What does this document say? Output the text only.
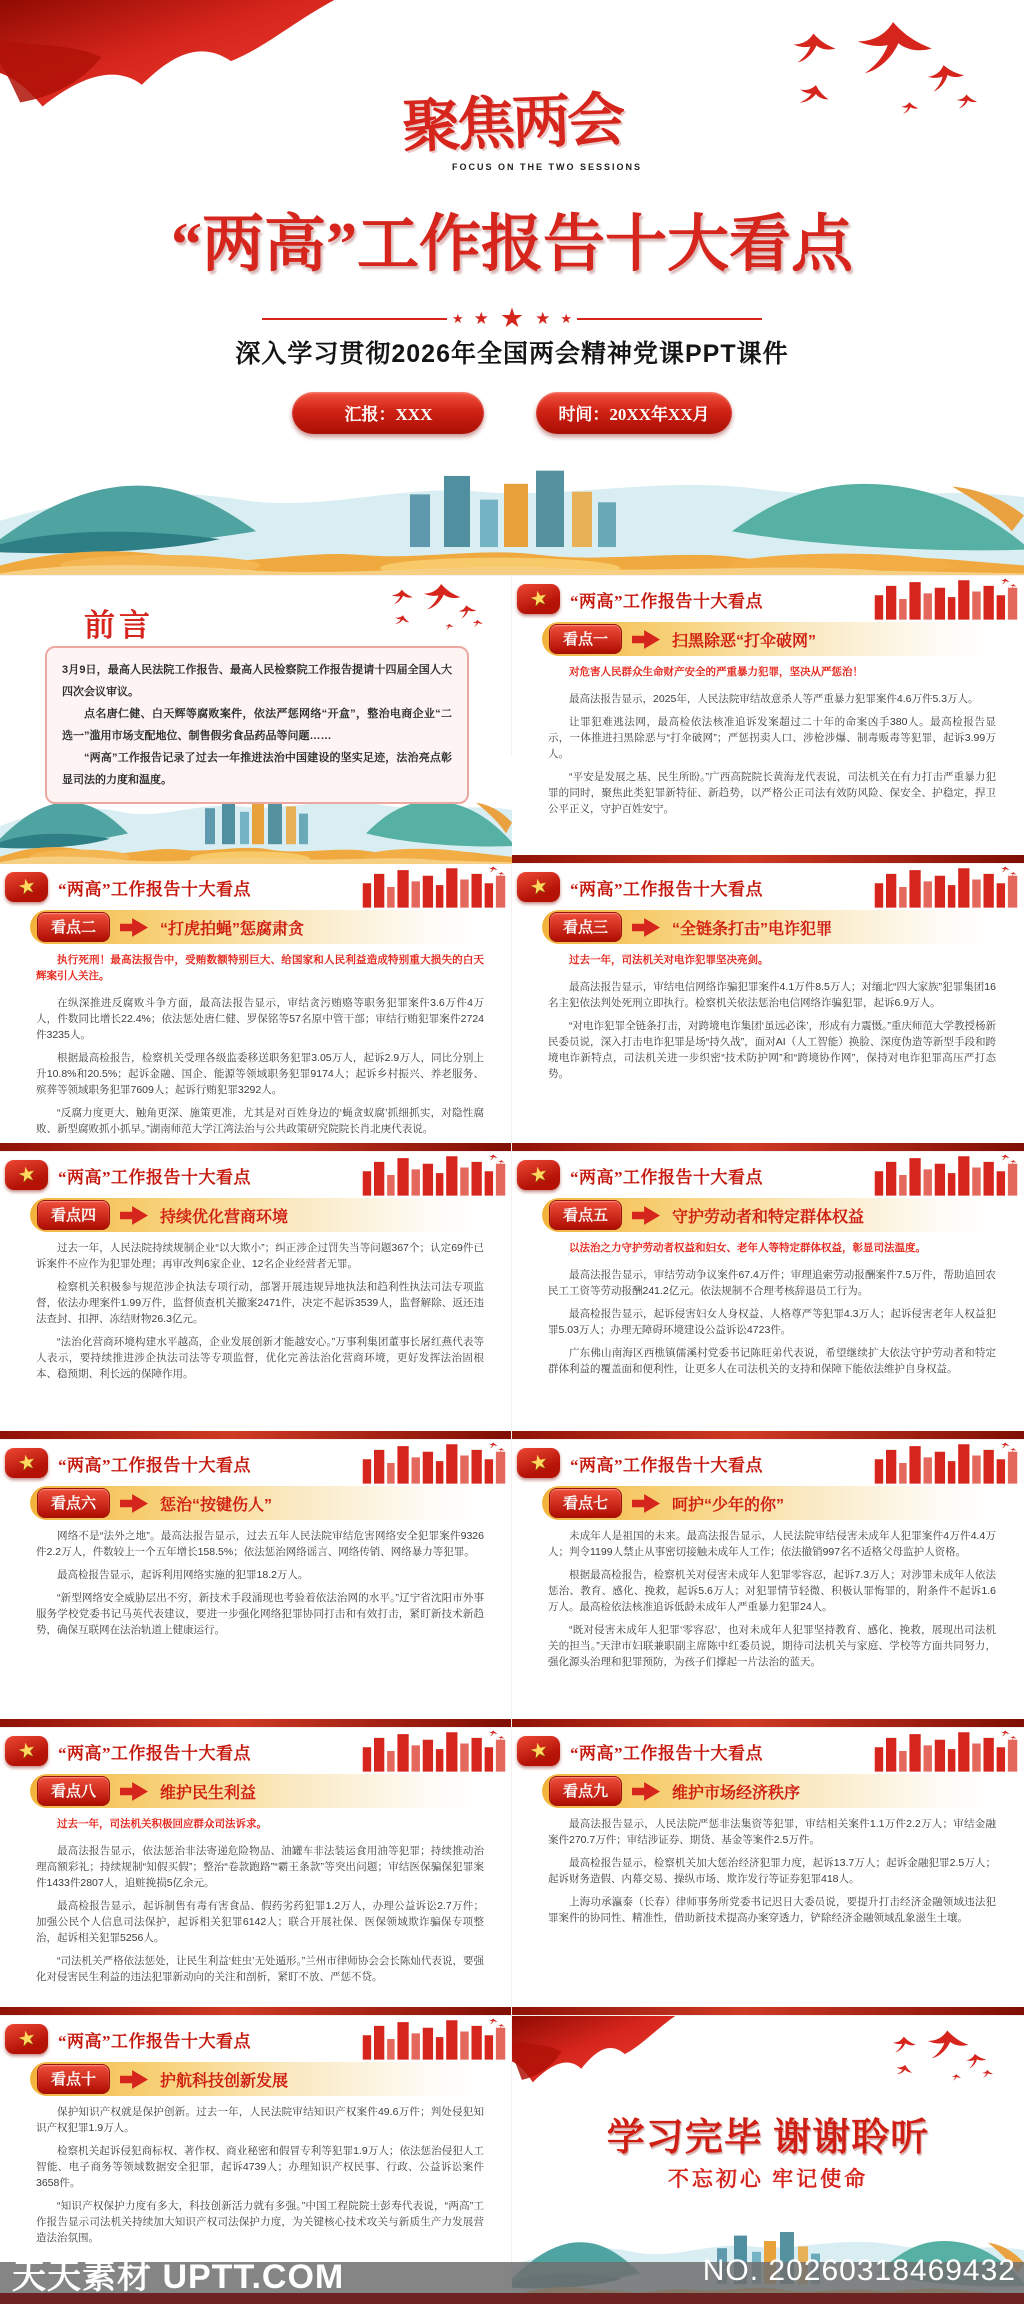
聚焦两会
FOCUS ON THE TWO SESSIONS
“两高”工作报告十大看点
★ ★ ★ ★ ★
深入学习贯彻2026年全国两会精神党课PPT课件
汇报：XXX	时间：20XX年XX月
前言

3月9日，最高人民法院工作报告、最高人民检察院工作报告提请十四届全国人大四次会议审议。

点名唐仁健、白天辉等腐败案件，依法严惩网络“开盒”，整治电商企业“二选一”滥用市场支配地位、制售假劣食品药品等问题……

“两高”工作报告记录了过去一年推进法治中国建设的坚实足迹，法治亮点彰显司法的力度和温度。

★ “两高”工作报告十大看点
看点一	扫黑除恶“打伞破网”

对危害人民群众生命财产安全的严重暴力犯罪，坚决从严惩治！

最高法报告显示，2025年，人民法院审结故意杀人等严重暴力犯罪案件4.6万件5.3万人。

让罪犯难逃法网，最高检依法核准追诉发案超过二十年的命案凶手380人。最高检报告显示，一体推进扫黑除恶与“打伞破网”；严惩拐卖人口、涉枪涉爆、制毒贩毒等犯罪，起诉3.99万人。

“平安是发展之基、民生所盼。”广西高院院长黄海龙代表说，司法机关在有力打击严重暴力犯罪的同时，聚焦此类犯罪新特征、新趋势，以严格公正司法有效防风险、保安全、护稳定，捍卫公平正义，守护百姓安宁。

★ “两高”工作报告十大看点
看点二	“打虎拍蝇”惩腐肃贪

执行死刑！最高法报告中，受贿数额特别巨大、给国家和人民利益造成特别重大损失的白天辉案引人关注。

在纵深推进反腐败斗争方面，最高法报告显示，审结贪污贿赂等职务犯罪案件3.6万件4万人，件数同比增长22.4%；依法惩处唐仁健、罗保铭等57名原中管干部；审结行贿犯罪案件2724件3235人。

根据最高检报告，检察机关受理各级监委移送职务犯罪3.05万人，起诉2.9万人，同比分别上升10.8%和20.5%；起诉金融、国企、能源等领域职务犯罪9174人；起诉乡村振兴、养老服务、殡葬等领域职务犯罪7609人；起诉行贿犯罪3292人。

“反腐力度更大、触角更深、施策更准，尤其是对百姓身边的‘蝇贪蚁腐’抓细抓实，对隐性腐败、新型腐败抓小抓早。”湖南师范大学江湾法治与公共政策研究院院长肖北庚代表说。

★ “两高”工作报告十大看点
看点三	“全链条打击”电诈犯罪

过去一年，司法机关对电诈犯罪坚决亮剑。

最高法报告显示，审结电信网络诈骗犯罪案件4.1万件8.5万人；对缅北“四大家族”犯罪集团16名主犯依法判处死刑立即执行。检察机关依法惩治电信网络诈骗犯罪，起诉6.9万人。

“对电诈犯罪全链条打击，对跨境电诈集团‘虽远必诛’，形成有力震慑。”重庆师范大学教授杨新民委员说，深入打击电诈犯罪是场“持久战”，面对AI（人工智能）换脸、深度伪造等新型手段和跨境电诈新特点，司法机关进一步织密“技术防护网”和“跨境协作网”，保持对电诈犯罪高压严打态势。

★ “两高”工作报告十大看点
看点四	持续优化营商环境

过去一年，人民法院持续规制企业“以大欺小”；纠正涉企过罚失当等问题367个；认定69件已诉案件不应作为犯罪处理；再审改判6家企业、12名企业经营者无罪。

检察机关积极参与规范涉企执法专项行动，部署开展违规异地执法和趋利性执法司法专项监督，依法办理案件1.99万件，监督侦查机关撤案2471件，决定不起诉3539人，监督解除、返还违法查封、扣押、冻结财物26.3亿元。

“法治化营商环境构建水平越高，企业发展创新才能越安心。”万事利集团董事长屠红燕代表等人表示，要持续推进涉企执法司法等专项监督，优化完善法治化营商环境，更好发挥法治固根本、稳预期、利长远的保障作用。

★ “两高”工作报告十大看点
看点五	守护劳动者和特定群体权益

以法治之力守护劳动者权益和妇女、老年人等特定群体权益，彰显司法温度。

最高法报告显示，审结劳动争议案件67.4万件；审理追索劳动报酬案件7.5万件，帮助追回农民工工资等劳动报酬241.2亿元。依法规制不合理考核辞退员工行为。

最高检报告显示，起诉侵害妇女人身权益、人格尊严等犯罪4.3万人；起诉侵害老年人权益犯罪5.03万人；办理无障碍环境建设公益诉讼4723件。

广东佛山南海区西樵镇儒溪村党委书记陈旺弟代表说，希望继续扩大依法守护劳动者和特定群体利益的覆盖面和便利性，让更多人在司法机关的支持和保障下能依法维护自身权益。

★ “两高”工作报告十大看点
看点六	惩治“按键伤人”

网络不是“法外之地”。最高法报告显示，过去五年人民法院审结危害网络安全犯罪案件9326件2.2万人，件数较上一个五年增长158.5%；依法惩治网络谣言、网络传销、网络暴力等犯罪。

最高检报告显示，起诉利用网络实施的犯罪18.2万人。

“新型网络安全威胁层出不穷，新技术手段涌现也考验着依法治网的水平。”辽宁省沈阳市外事服务学校党委书记马英代表建议，要进一步强化网络犯罪协同打击和有效打击，紧盯新技术新趋势，确保互联网在法治轨道上健康运行。

★ “两高”工作报告十大看点
看点七	呵护“少年的你”

未成年人是祖国的未来。最高法报告显示，人民法院审结侵害未成年人犯罪案件4万件4.4万人；判令1199人禁止从事密切接触未成年人工作；依法撤销997名不适格父母监护人资格。

根据最高检报告，检察机关对侵害未成年人犯罪零容忍，起诉7.3万人；对涉罪未成年人依法惩治、教育、感化、挽救，起诉5.6万人；对犯罪情节轻微、积极认罪悔罪的，附条件不起诉1.6万人。最高检依法核准追诉低龄未成年人严重暴力犯罪24人。

“既对侵害未成年人犯罪‘零容忍’，也对未成年人犯罪坚持教育、感化、挽救，展现出司法机关的担当。”天津市妇联兼职副主席陈中红委员说，期待司法机关与家庭、学校等方面共同努力，强化源头治理和犯罪预防，为孩子们撑起一片法治的蓝天。

★ “两高”工作报告十大看点
看点八	维护民生利益

过去一年，司法机关积极回应群众司法诉求。

最高法报告显示，依法惩治非法寄递危险物品、油罐车非法装运食用油等犯罪；持续推动治理高额彩礼；持续规制“知假买假”；整治“卷款跑路”“霸王条款”等突出问题；审结医保骗保犯罪案件1433件2807人，追赃挽损5亿余元。

最高检报告显示，起诉制售有毒有害食品、假药劣药犯罪1.2万人，办理公益诉讼2.7万件；加强公民个人信息司法保护，起诉相关犯罪6142人；联合开展社保、医保领域欺诈骗保专项整治，起诉相关犯罪5256人。

“司法机关严格依法惩处，让民生利益‘蛀虫’无处遁形。”兰州市律师协会会长陈灿代表说，要强化对侵害民生利益的违法犯罪新动向的关注和剖析，紧盯不放、严惩不贷。

★ “两高”工作报告十大看点
看点九	维护市场经济秩序

最高法报告显示，人民法院严惩非法集资等犯罪，审结相关案件1.1万件2.2万人；审结金融案件270.7万件；审结涉证券、期货、基金等案件2.5万件。

最高检报告显示，检察机关加大惩治经济犯罪力度，起诉13.7万人；起诉金融犯罪2.5万人；起诉财务造假、内幕交易、操纵市场、欺诈发行等证券犯罪418人。

上海功承瀛泰（长春）律师事务所党委书记迟日大委员说，要提升打击经济金融领域违法犯罪案件的协同性、精准性，借助新技术提高办案穿透力，铲除经济金融领域乱象滋生土壤。

★ “两高”工作报告十大看点
看点十	护航科技创新发展

保护知识产权就是保护创新。过去一年，人民法院审结知识产权案件49.6万件；判处侵犯知识产权犯罪1.9万人。

检察机关起诉侵犯商标权、著作权、商业秘密和假冒专利等犯罪1.9万人；依法惩治侵犯人工智能、电子商务等领域数据安全犯罪，起诉4739人；办理知识产权民事、行政、公益诉讼案件3658件。

“知识产权保护力度有多大，科技创新活力就有多强。”中国工程院院士彭寿代表说，“两高”工作报告显示司法机关持续加大知识产权司法保护力度，为关键核心技术攻关与新质生产力发展营造法治氛围。

学习完毕 谢谢聆听
不忘初心 牢记使命
天天素材 UPTT.COM	NO. 20260318469432
